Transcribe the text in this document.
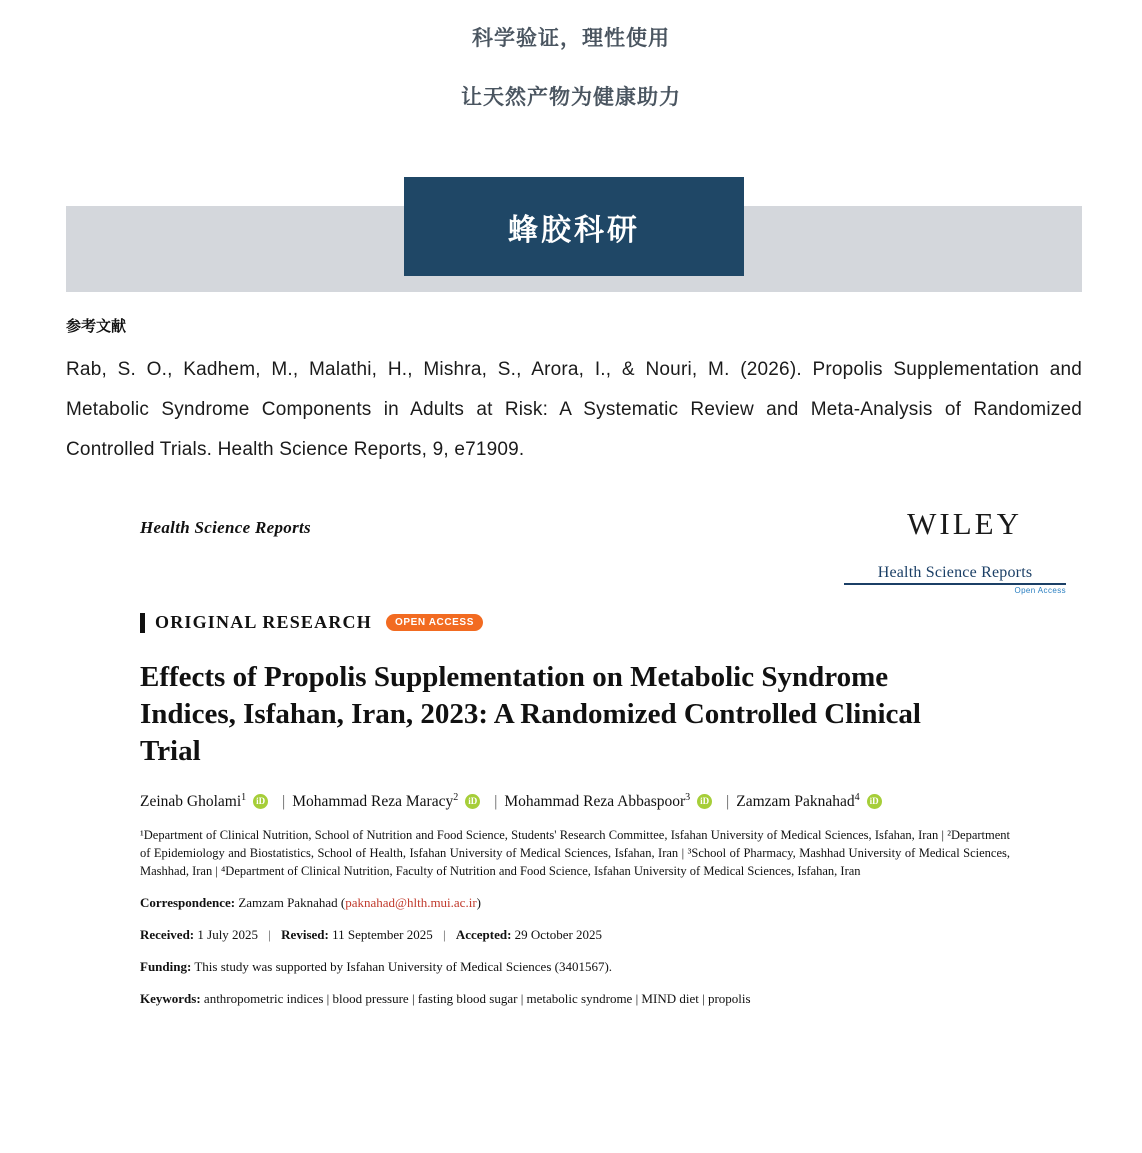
科学验证，理性使用
让天然产物为健康助力
蜂胶科研
参考文献
Rab, S. O., Kadhem, M., Malathi, H., Mishra, S., Arora, I., & Nouri, M. (2026). Propolis Supplementation and Metabolic Syndrome Components in Adults at Risk: A Systematic Review and Meta-Analysis of Randomized Controlled Trials. Health Science Reports, 9, e71909.
Health Science Reports	WILEY
Health Science Reports
Open Access
ORIGINAL RESEARCH	OPEN ACCESS
Effects of Propolis Supplementation on Metabolic Syndrome Indices, Isfahan, Iran, 2023: A Randomized Controlled Clinical Trial
Zeinab Gholami$^1$	iD | Mohammad Reza Maracy$^2$	iD | Mohammad Reza Abbaspoor$^3$	iD | Zamzam Paknahad$^4$	iD
¹Department of Clinical Nutrition, School of Nutrition and Food Science, Students' Research Committee, Isfahan University of Medical Sciences, Isfahan, Iran | ²Department of Epidemiology and Biostatistics, School of Health, Isfahan University of Medical Sciences, Isfahan, Iran | ³School of Pharmacy, Mashhad University of Medical Sciences, Mashhad, Iran | ⁴Department of Clinical Nutrition, Faculty of Nutrition and Food Science, Isfahan University of Medical Sciences, Isfahan, Iran
Correspondence: Zamzam Paknahad (paknahad@hlth.mui.ac.ir)
Received: 1 July 2025 | Revised: 11 September 2025 | Accepted: 29 October 2025
Funding: This study was supported by Isfahan University of Medical Sciences (3401567).
Keywords: anthropometric indices | blood pressure | fasting blood sugar | metabolic syndrome | MIND diet | propolis
